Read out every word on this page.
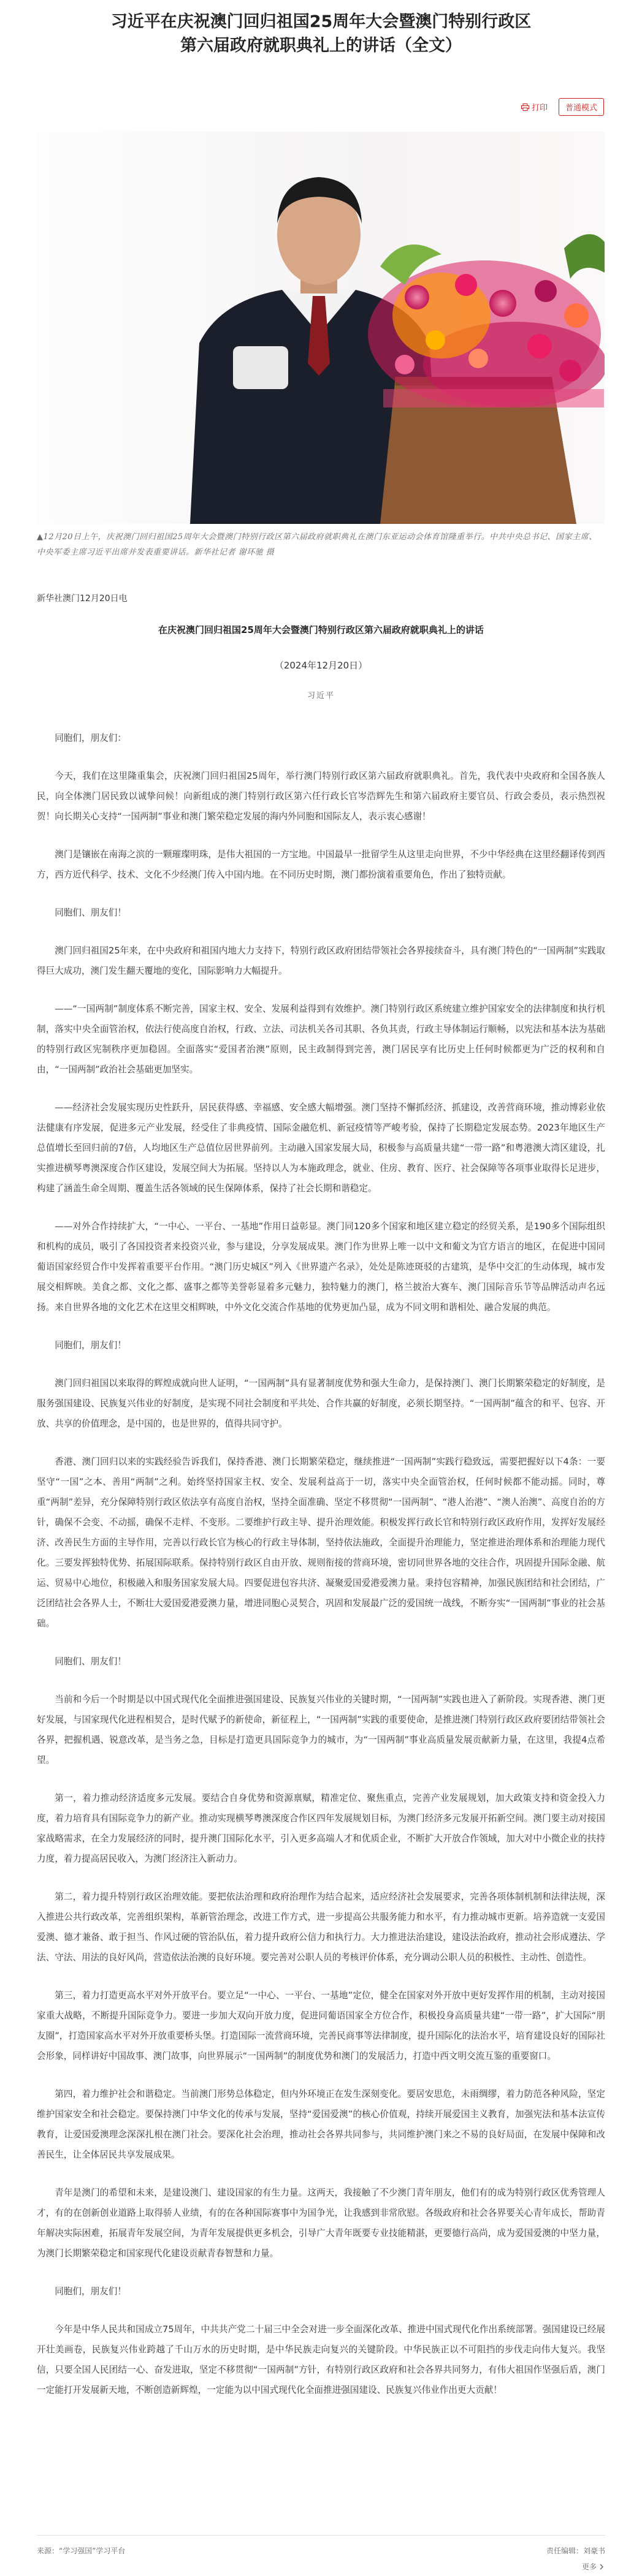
习近平在庆祝澳门回归祖国25周年大会暨澳门特别行政区
第六届政府就职典礼上的讲话（全文）
打印	普通模式
▲12月20日上午，庆祝澳门回归祖国25周年大会暨澳门特别行政区第六届政府就职典礼在澳门东亚运动会体育馆隆重举行。中共中央总书记、国家主席、中央军委主席习近平出席并发表重要讲话。新华社记者 谢环驰 摄
新华社澳门12月20日电
在庆祝澳门回归祖国25周年大会暨澳门特别行政区第六届政府就职典礼上的讲话
（2024年12月20日）
习近平

同胞们，朋友们：

今天，我们在这里隆重集会，庆祝澳门回归祖国25周年，举行澳门特别行政区第六届政府就职典礼。首先，我代表中央政府和全国各族人民，向全体澳门居民致以诚挚问候！向新组成的澳门特别行政区第六任行政长官岑浩辉先生和第六届政府主要官员、行政会委员，表示热烈祝贺！向长期关心支持“一国两制”事业和澳门繁荣稳定发展的海内外同胞和国际友人，表示衷心感谢！

澳门是镶嵌在南海之滨的一颗璀璨明珠，是伟大祖国的一方宝地。中国最早一批留学生从这里走向世界，不少中华经典在这里经翻译传到西方，西方近代科学、技术、文化不少经澳门传入中国内地。在不同历史时期，澳门都扮演着重要角色，作出了独特贡献。

同胞们、朋友们！

澳门回归祖国25年来，在中央政府和祖国内地大力支持下，特别行政区政府团结带领社会各界接续奋斗，具有澳门特色的“一国两制”实践取得巨大成功，澳门发生翻天覆地的变化，国际影响力大幅提升。

——“一国两制”制度体系不断完善，国家主权、安全、发展利益得到有效维护。澳门特别行政区系统建立维护国家安全的法律制度和执行机制，落实中央全面管治权，依法行使高度自治权，行政、立法、司法机关各司其职、各负其责，行政主导体制运行顺畅，以宪法和基本法为基础的特别行政区宪制秩序更加稳固。全面落实“爱国者治澳”原则，民主政制得到完善，澳门居民享有比历史上任何时候都更为广泛的权利和自由，“一国两制”政治社会基础更加坚实。

——经济社会发展实现历史性跃升，居民获得感、幸福感、安全感大幅增强。澳门坚持不懈抓经济、抓建设，改善营商环境，推动博彩业依法健康有序发展，促进多元产业发展，经受住了非典疫情、国际金融危机、新冠疫情等严峻考验，保持了长期稳定发展态势。2023年地区生产总值增长至回归前的7倍，人均地区生产总值位居世界前列。主动融入国家发展大局，积极参与高质量共建“一带一路”和粤港澳大湾区建设，扎实推进横琴粤澳深度合作区建设，发展空间大为拓展。坚持以人为本施政理念，就业、住房、教育、医疗、社会保障等各项事业取得长足进步，构建了涵盖生命全周期、覆盖生活各领域的民生保障体系，保持了社会长期和谐稳定。

——对外合作持续扩大，“一中心、一平台、一基地”作用日益彰显。澳门同120多个国家和地区建立稳定的经贸关系，是190多个国际组织和机构的成员，吸引了各国投资者来投资兴业，参与建设，分享发展成果。澳门作为世界上唯一以中文和葡文为官方语言的地区，在促进中国同葡语国家经贸合作中发挥着重要平台作用。“澳门历史城区”列入《世界遗产名录》，处处是陈迹斑驳的古建筑，是华中交汇的生动体现，城市发展交相辉映。美食之都、文化之都、盛事之都等美誉彰显着多元魅力，独特魅力的澳门，格兰披治大赛车、澳门国际音乐节等品牌活动声名远扬。来自世界各地的文化艺术在这里交相辉映，中外文化交流合作基地的优势更加凸显，成为不同文明和谐相处、融合发展的典范。

同胞们，朋友们！

澳门回归祖国以来取得的辉煌成就向世人证明，“一国两制”具有显著制度优势和强大生命力，是保持澳门、澳门长期繁荣稳定的好制度，是服务强国建设、民族复兴伟业的好制度，是实现不同社会制度和平共处、合作共赢的好制度，必须长期坚持。“一国两制”蕴含的和平、包容、开放、共享的价值理念，是中国的，也是世界的，值得共同守护。

香港、澳门回归以来的实践经验告诉我们，保持香港、澳门长期繁荣稳定，继续推进“一国两制”实践行稳致远，需要把握好以下4条：一要坚守“一国”之本、善用“两制”之利。始终坚持国家主权、安全、发展利益高于一切，落实中央全面管治权，任何时候都不能动摇。同时，尊重“两制”差异，充分保障特别行政区依法享有高度自治权，坚持全面准确、坚定不移贯彻“一国两制”、“港人治港”、“澳人治澳”、高度自治的方针，确保不会变、不动摇，确保不走样、不变形。二要维护行政主导、提升治理效能。积极发挥行政长官和特别行政区政府作用，发挥好发展经济、改善民生方面的主导作用，完善以行政长官为核心的行政主导体制，坚持依法施政，全面提升治理能力，坚定推进治理体系和治理能力现代化。三要发挥独特优势、拓展国际联系。保持特别行政区自由开放、规则衔接的营商环境，密切同世界各地的交往合作，巩固提升国际金融、航运、贸易中心地位，积极融入和服务国家发展大局。四要促进包容共济、凝聚爱国爱港爱澳力量。秉持包容精神，加强民族团结和社会团结，广泛团结社会各界人士，不断壮大爱国爱港爱澳力量，增进同胞心灵契合，巩固和发展最广泛的爱国统一战线，不断夯实“一国两制”事业的社会基础。

同胞们、朋友们！

当前和今后一个时期是以中国式现代化全面推进强国建设、民族复兴伟业的关键时期，“一国两制”实践也进入了新阶段。实现香港、澳门更好发展，与国家现代化进程相契合，是时代赋予的新使命，新征程上，“一国两制”实践的重要使命，是推进澳门特别行政区政府要团结带领社会各界，把握机遇、锐意改革，是当务之急，目标是打造更具国际竞争力的城市，为“一国两制”事业高质量发展贡献新力量，在这里，我提4点希望。

第一，着力推动经济适度多元发展。要结合自身优势和资源禀赋，精准定位、聚焦重点，完善产业发展规划，加大政策支持和资金投入力度，着力培育具有国际竞争力的新产业。推动实现横琴粤澳深度合作区四年发展规划目标，为澳门经济多元发展开拓新空间。澳门要主动对接国家战略需求，在全力发展经济的同时，提升澳门国际化水平，引入更多高端人才和优质企业，不断扩大开放合作领域，加大对中小微企业的扶持力度，着力提高居民收入，为澳门经济注入新动力。

第二，着力提升特别行政区治理效能。要把依法治理和政府治理作为结合起来，适应经济社会发展要求，完善各项体制机制和法律法规，深入推进公共行政改革，完善组织架构，革新管治理念，改进工作方式，进一步提高公共服务能力和水平，有力推动城市更新。培养造就一支爱国爱澳、德才兼备、敢于担当、作风过硬的管治队伍，着力提升政府公信力和执行力。大力推进法治建设，建设法治政府，推动社会形成遵法、学法、守法、用法的良好风尚，营造依法治澳的良好环境。要完善对公职人员的考核评价体系，充分调动公职人员的积极性、主动性、创造性。

第三，着力打造更高水平对外开放平台。要立足“一中心、一平台、一基地”定位，健全在国家对外开放中更好发挥作用的机制，主动对接国家重大战略，不断提升国际竞争力。要进一步加大双向开放力度，促进同葡语国家全方位合作，积极投身高质量共建“一带一路”，扩大国际“朋友圈”，打造国家高水平对外开放重要桥头堡。打造国际一流营商环境，完善民商事等法律制度，提升国际化的法治水平，培育建设良好的国际社会形象，同样讲好中国故事、澳门故事，向世界展示“一国两制”的制度优势和澳门的发展活力，打造中西文明交流互鉴的重要窗口。

第四，着力维护社会和谐稳定。当前澳门形势总体稳定，但内外环境正在发生深刻变化。要居安思危，未雨绸缪，着力防范各种风险，坚定维护国家安全和社会稳定。要保持澳门中华文化的传承与发展，坚持“爱国爱澳”的核心价值观，持续开展爱国主义教育，加强宪法和基本法宣传教育，让爱国爱澳理念深深扎根在澳门社会。要深化社会治理，推动社会各界共同参与，共同维护澳门来之不易的良好局面，在发展中保障和改善民生，让全体居民共享发展成果。

青年是澳门的希望和未来，是建设澳门、建设国家的有生力量。这两天，我接触了不少澳门青年朋友，他们有的成为特别行政区优秀管理人才，有的在创新创业道路上取得骄人业绩，有的在各种国际赛事中为国争光，让我感到非常欣慰。各级政府和社会各界要关心青年成长，帮助青年解决实际困难，拓展青年发展空间，为青年发展提供更多机会，引导广大青年既要专业技能精湛，更要德行高尚，成为爱国爱澳的中坚力量，为澳门长期繁荣稳定和国家现代化建设贡献青春智慧和力量。

同胞们，朋友们！

今年是中华人民共和国成立75周年，中共共产党二十届三中全会对进一步全面深化改革、推进中国式现代化作出系统部署。强国建设已经展开壮美画卷，民族复兴伟业跨越了千山万水的历史时期，是中华民族走向复兴的关键阶段。中华民族正以不可阻挡的步伐走向伟大复兴。我坚信，只要全国人民团结一心、奋发进取，坚定不移贯彻“一国两制”方针，有特别行政区政府和社会各界共同努力，有伟大祖国作坚强后盾，澳门一定能打开发展新天地，不断创造新辉煌，一定能为以中国式现代化全面推进强国建设、民族复兴伟业作出更大贡献！

来源：“学习强国”学习平台	责任编辑：刘豪书
更多
